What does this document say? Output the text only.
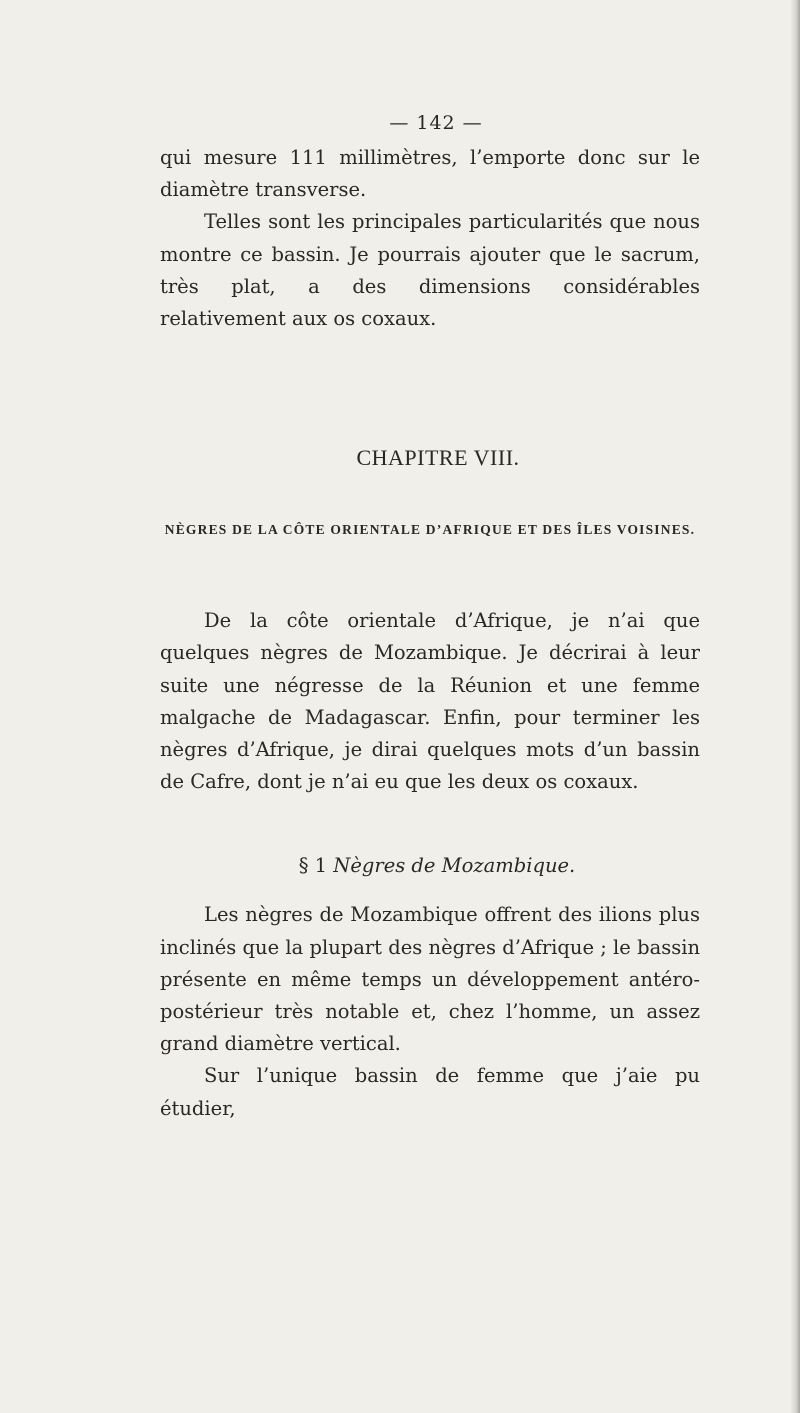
— 142 —

qui mesure 111 millimètres, l’emporte donc sur le diamètre transverse.

Telles sont les principales particularités que nous montre ce bassin. Je pourrais ajouter que le sacrum, très plat, a des dimensions considérables relativement aux os coxaux.

CHAPITRE VIII.
NÈGRES DE LA CÔTE ORIENTALE D’AFRIQUE ET DES ÎLES VOISINES.

De la côte orientale d’Afrique, je n’ai que quelques nègres de Mozambique. Je décrirai à leur suite une négresse de la Réunion et une femme malgache de Madagascar. Enfin, pour terminer les nègres d’Afrique, je dirai quelques mots d’un bassin de Cafre, dont je n’ai eu que les deux os coxaux.

§ 1 Nègres de Mozambique.

Les nègres de Mozambique offrent des ilions plus inclinés que la plupart des nègres d’Afrique ; le bassin présente en même temps un développement antéro-postérieur très notable et, chez l’homme, un assez grand diamètre vertical.

Sur l’unique bassin de femme que j’aie pu étudier,
